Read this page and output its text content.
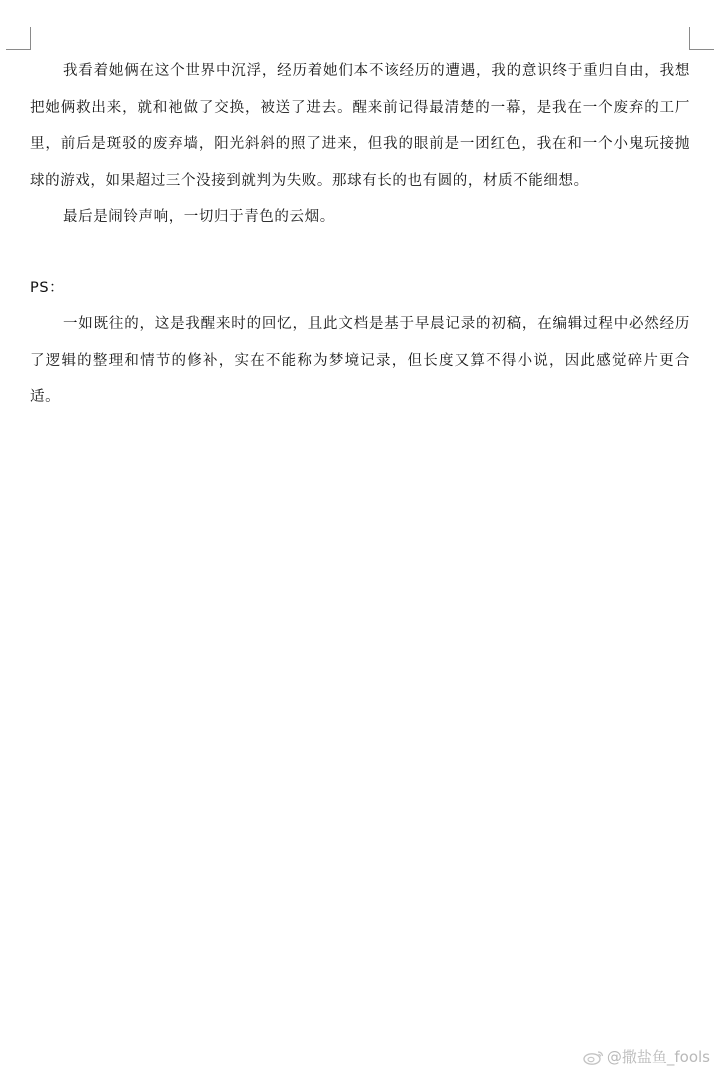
我看着她俩在这个世界中沉浮，经历着她们本不该经历的遭遇，我的意识终于重归自由，我想把她俩救出来，就和祂做了交换，被送了进去。醒来前记得最清楚的一幕，是我在一个废弃的工厂里，前后是斑驳的废弃墙，阳光斜斜的照了进来，但我的眼前是一团红色，我在和一个小鬼玩接抛球的游戏，如果超过三个没接到就判为失败。那球有长的也有圆的，材质不能细想。

最后是闹铃声响，一切归于青色的云烟。

PS：

一如既往的，这是我醒来时的回忆，且此文档是基于早晨记录的初稿，在编辑过程中必然经历了逻辑的整理和情节的修补，实在不能称为梦境记录，但长度又算不得小说，因此感觉碎片更合适。

@撒盐鱼_fools
